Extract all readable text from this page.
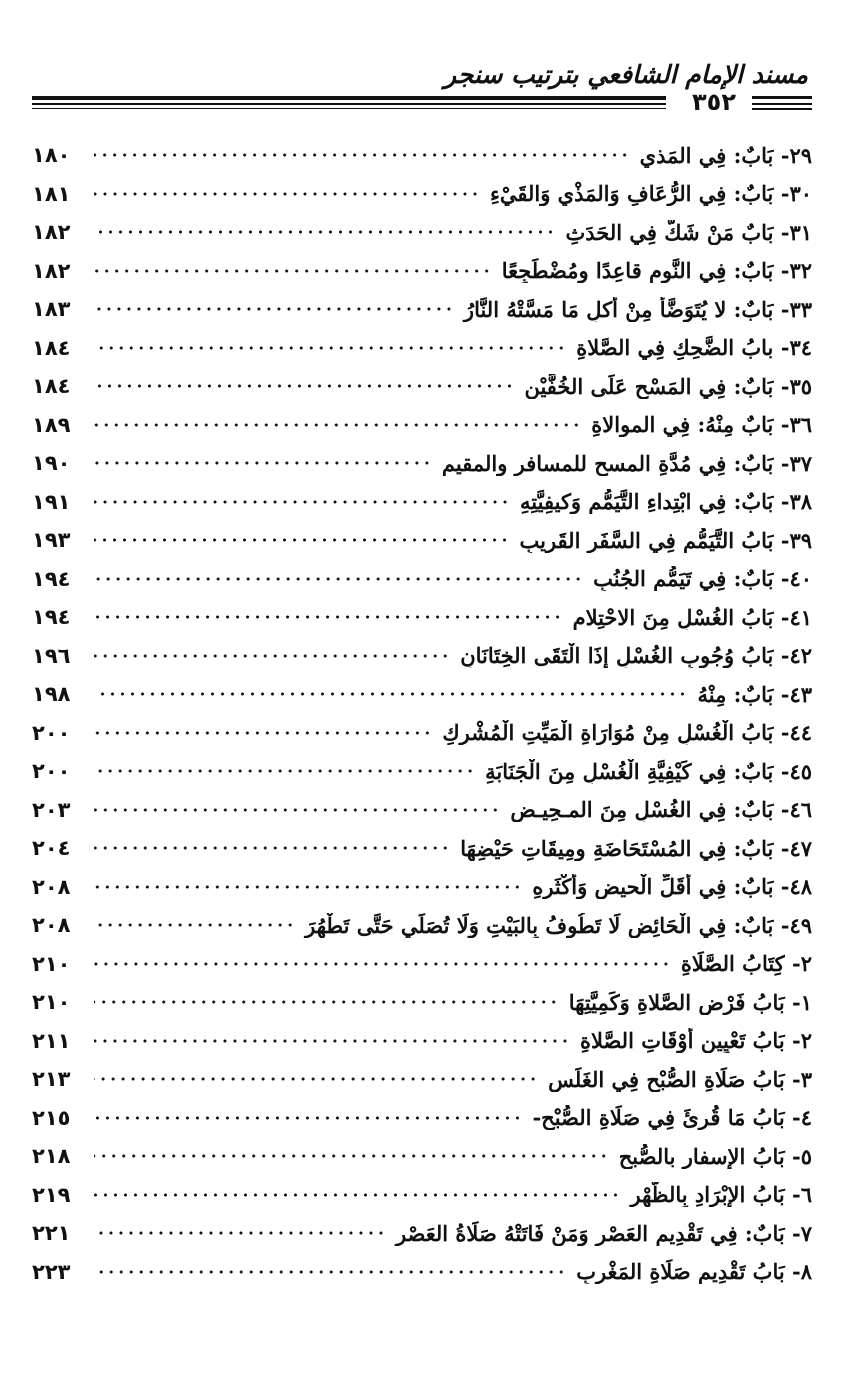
مسند الإمام الشافعي بترتيب سنجر
٣٥٢
٢٩- بَابٌ: فِي المَذي
١٨٠
٣٠- بَابٌ: فِي الرُّعَافِ وَالمَذْيِ وَالقَيْءِ
١٨١
٣١- بَابٌ مَنْ شَكَّ فِي الحَدَثِ
١٨٢
٣٢- بَابٌ: فِي النَّوم قاعِدًا ومُضْطَجِعًا
١٨٢
٣٣- بَابٌ: لا يُتَوَضَّأ مِنْ أكلِ مَا مَسَّتْهُ النَّارُ
١٨٣
٣٤- بابُ الضَّحِكِ فِي الصَّلاةِ
١٨٤
٣٥- بَابٌ: فِي المَسْحِ عَلَى الخُفَّيْنِ
١٨٤
٣٦- بَابٌ مِنْهُ: فِي الموالاةِ
١٨٩
٣٧- بَابٌ: فِي مُدَّةِ المسحِ للمسافرِ والمقيمِ
١٩٠
٣٨- بَابٌ: فِي ابْتِداءِ التَّيَمُّمِ وَكيفِيَّتِهِ
١٩١
٣٩- بَابُ التَّيَمُّمِ فِي السَّفَرِ القَرِيبِ
١٩٣
٤٠- بَابٌ: فِي تَيَمُّمِ الجُنُبِ
١٩٤
٤١- بَابُ الغُسْلِ مِنَ الاحْتِلامِ
١٩٤
٤٢- بَابُ وُجُوبِ الغُسْلِ إِذَا الْتَقَى الخِتَانَانِ
١٩٦
٤٣- بَابٌ: مِنْهُ
١٩٨
٤٤- بَابُ الْغُسْلِ مِنْ مُوَارَاةِ الْمَيِّتِ الْمُشْرِكِ
٢٠٠
٤٥- بَابٌ: فِي كَيْفِيَّةِ الْغُسْلِ مِنَ الْجَنَابَةِ
٢٠٠
٤٦- بَابٌ: فِي الغُسْلِ مِنَ المـحِيـضِ
٢٠٣
٤٧- بَابٌ: فِي المُسْتَحَاضَةِ ومِيقَاتِ حَيْضِهَا
٢٠٤
٤٨- بَابٌ: فِي أَقَلِّ الْحيضِ وَأَكْثَرِهِ
٢٠٨
٤٩- بَابٌ: فِي الْحَائِضِ لَا تَطُوفُ بِالبَيْتِ وَلَا تُصَلِّي حَتَّى تَطْهُرَ
٢٠٨
٢- كِتَابُ الصَّلَاةِ
٢١٠
١- بَابُ فَرْضِ الصَّلاةِ وَكَمِيَّتِهَا
٢١٠
٢- بَابُ تَعْيِينِ أَوْقَاتِ الصَّلاةِ
٢١١
٣- بَابُ صَلَاةِ الصُّبْحِ فِي الغَلَسِ
٢١٣
٤- بَابُ مَا قُرِئَ فِي صَلَاةِ الصُّبْحِ-
٢١٥
٥- بَابُ الإسفار بالصُّبحِ
٢١٨
٦- بَابُ الإِبْرَادِ بِالظُّهْرِ
٢١٩
٧- بَابٌ: فِي تَقْدِيمِ العَصْرِ وَمَنْ فَاتَتْهُ صَلَاةُ العَصْرِ
٢٢١
٨- بَابُ تَقْدِيمِ صَلَاةِ المَغْرِبِ
٢٢٣
